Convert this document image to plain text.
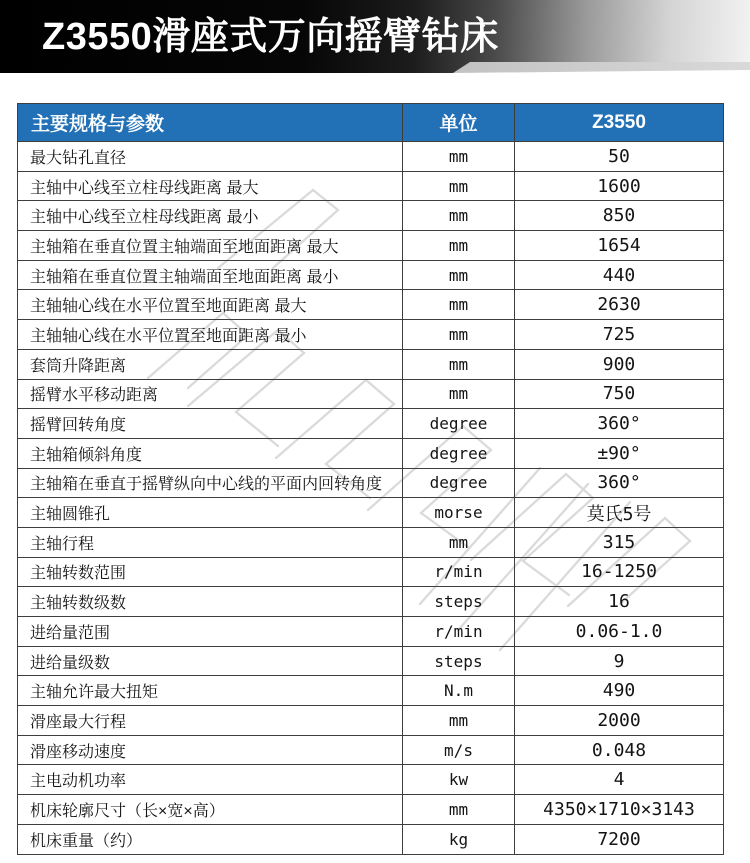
Z3550滑座式万向摇臂钻床
主要规格与参数	单位	Z3550
最大钻孔直径	mm	50
主轴中心线至立柱母线距离 最大	mm	1600
主轴中心线至立柱母线距离 最小	mm	850
主轴箱在垂直位置主轴端面至地面距离 最大	mm	1654
主轴箱在垂直位置主轴端面至地面距离 最小	mm	440
主轴轴心线在水平位置至地面距离 最大	mm	2630
主轴轴心线在水平位置至地面距离 最小	mm	725
套筒升降距离	mm	900
摇臂水平移动距离	mm	750
摇臂回转角度	degree	360°
主轴箱倾斜角度	degree	±90°
主轴箱在垂直于摇臂纵向中心线的平面内回转角度	degree	360°
主轴圆锥孔	morse	莫氏5号
主轴行程	mm	315
主轴转数范围	r/min	16-1250
主轴转数级数	steps	16
进给量范围	r/min	0.06-1.0
进给量级数	steps	9
主轴允许最大扭矩	N.m	490
滑座最大行程	mm	2000
滑座移动速度	m/s	0.048
主电动机功率	kw	4
机床轮廓尺寸（长×宽×高）	mm	4350×1710×3143
机床重量（约）	kg	7200
